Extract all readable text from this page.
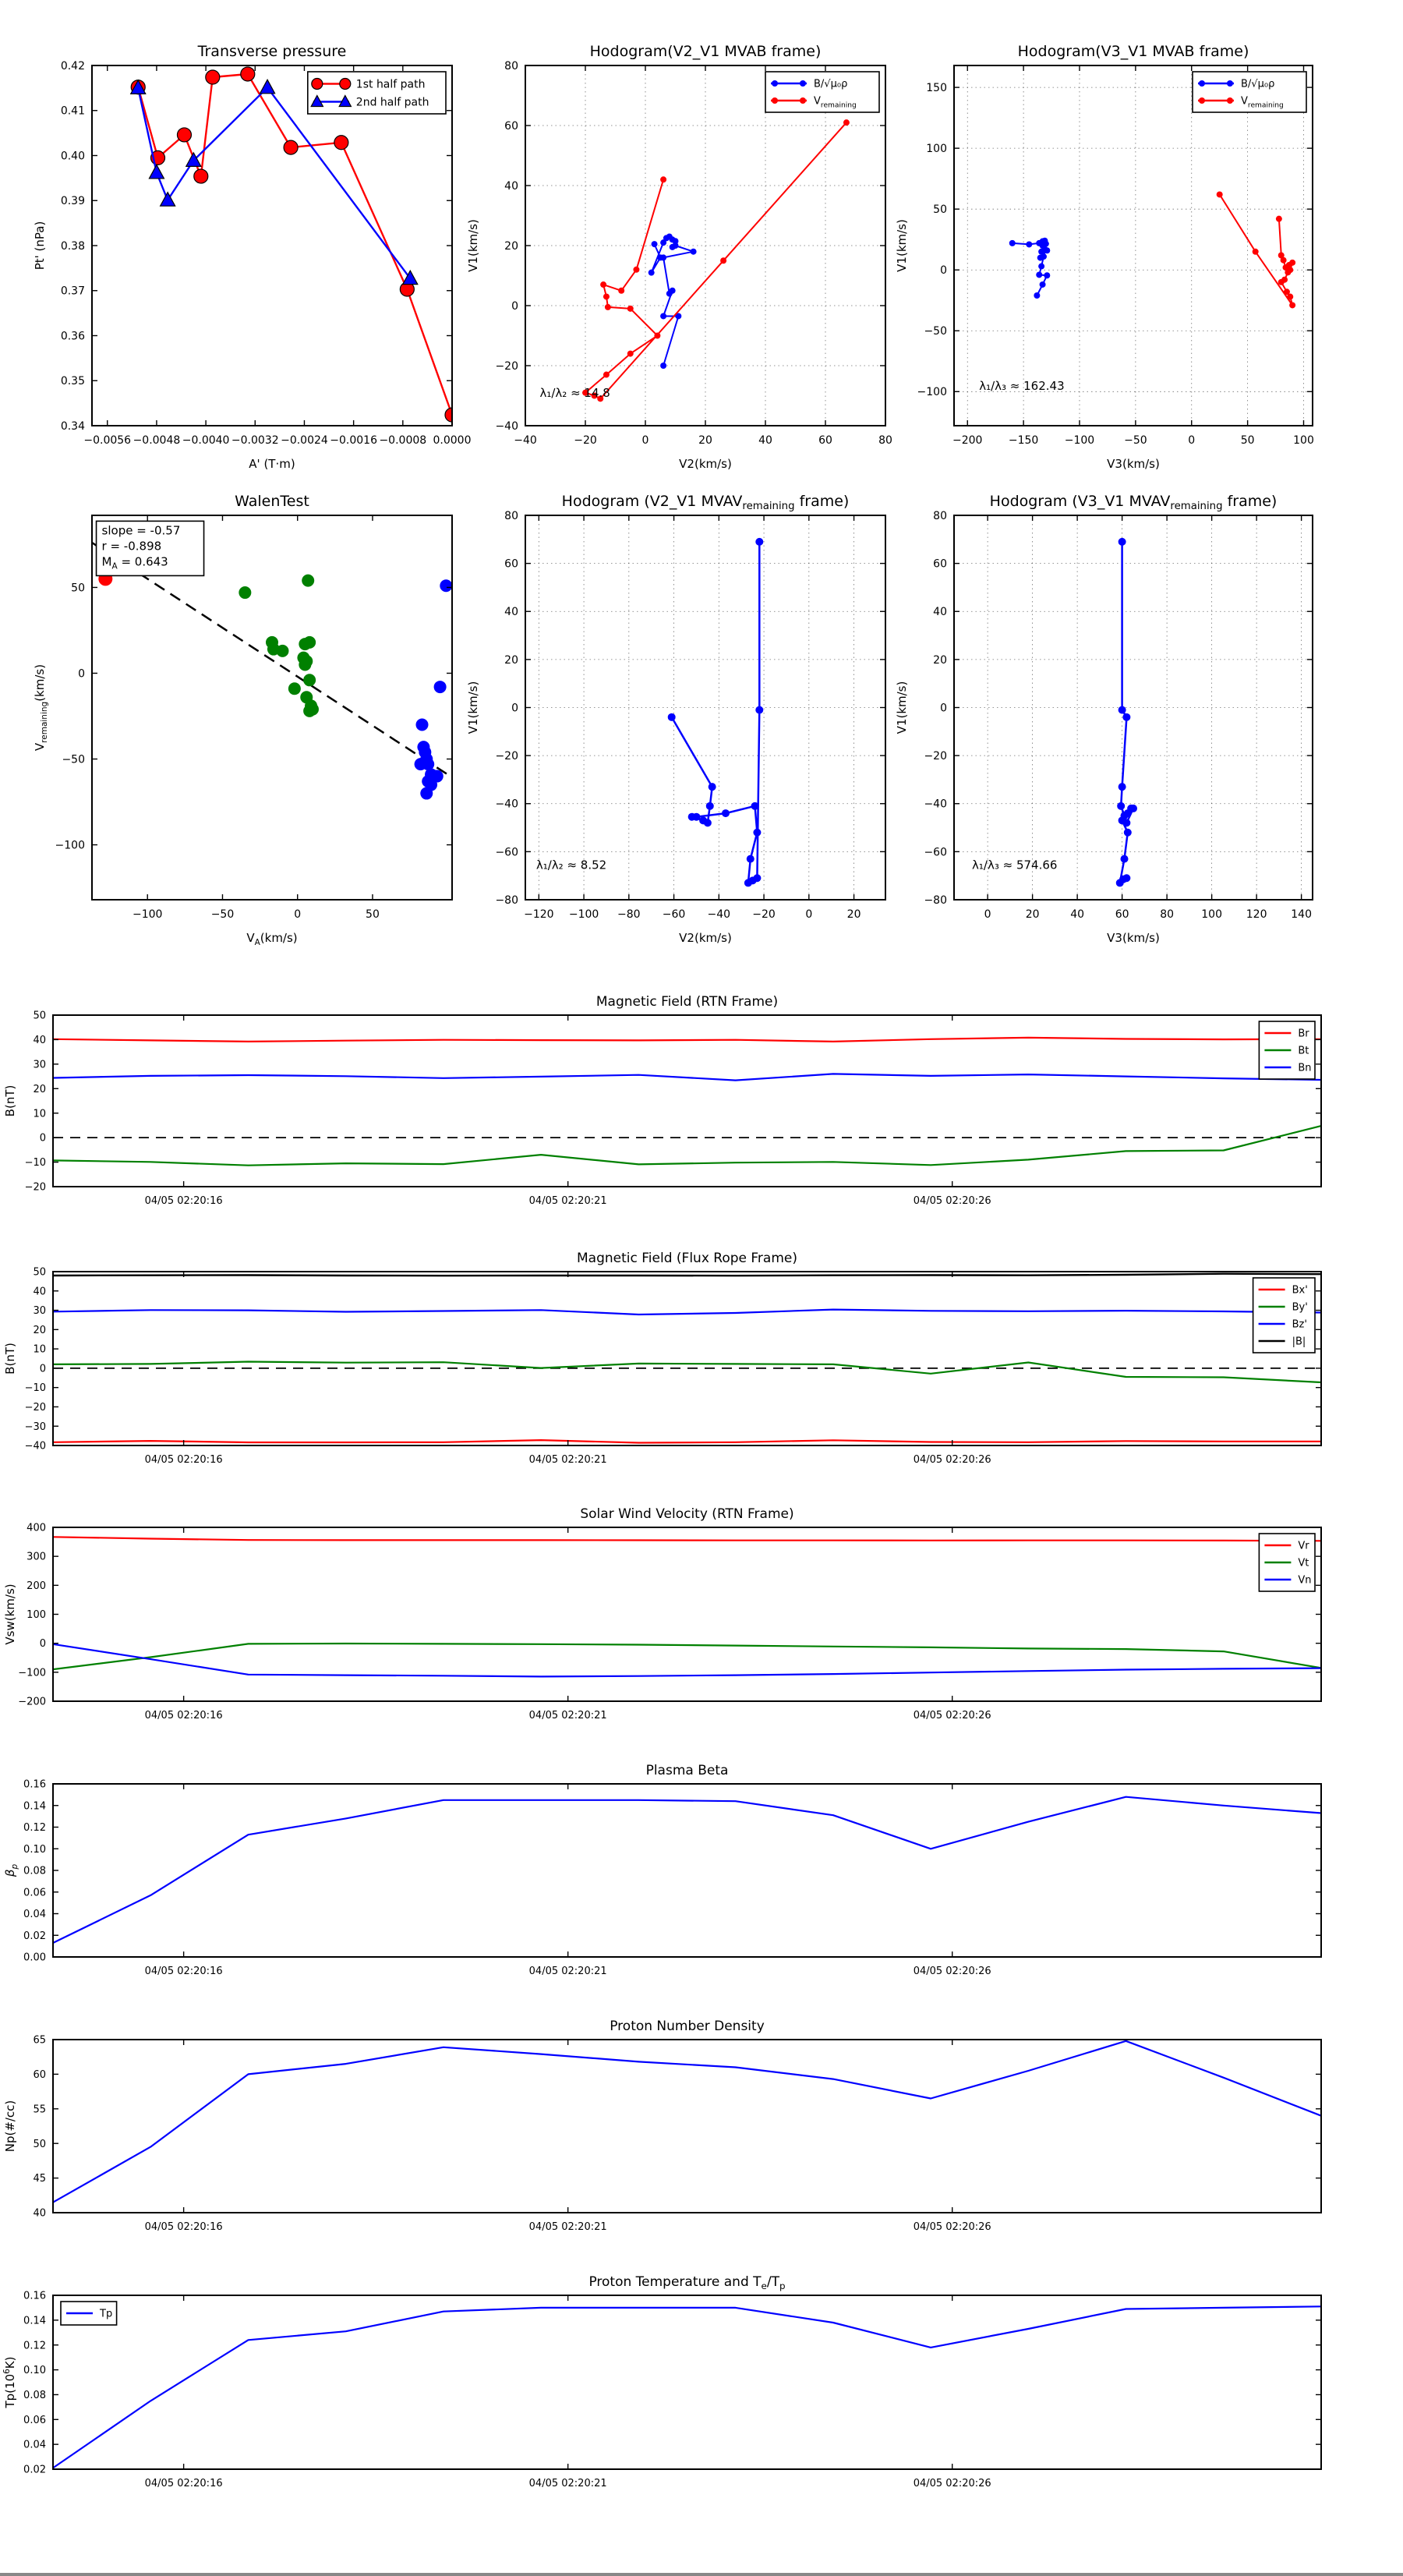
−0.0056 −0.0048 −0.0040 −0.0032 −0.0024 −0.0016 −0.0008 0.0000
0.34
0.35
0.36
0.37
0.38
0.39
0.40
0.41
0.42
Transverse pressure
A' (T·m)
Pt' (nPa)
1st half path
2nd half path
−40	−20	0	20	40	60	80
−40
−20
0
20
40
60
80
Hodogram(V2_V1 MVAB frame)
V2(km/s)
V1(km/s)
λ₁/λ₂ ≈ 14.8
B/√μ₀ρ
$V_{remaining}$
−200 −150 −100	−50	0	50	100
−100
−50
0
50
100
150
Hodogram(V3_V1 MVAB frame)
V3(km/s)
V1(km/s)
λ₁/λ₃ ≈ 162.43
B/√μ₀ρ
$V_{remaining}$
−100	−50	0	50
−100
−50
0
50
WalenTest
$V_A(km/s)$
$V_{remaining}(km/s)$
slope = -0.57
r = -0.898
$M_A = 0.643$
−120 −100 −80 −60 −40 −20	0	20
−80
−60
−40
−20
0
20
40
60
80
Hodogram (V2_V1 $MVAV_{remaining}$ frame)
V2(km/s)
V1(km/s)
λ₁/λ₂ ≈ 8.52
0	20	40	60	80	100 120 140
−80
−60
−40
−20
0
20
40
60
80
Hodogram (V3_V1 $MVAV_{remaining}$ frame)
V3(km/s)
V1(km/s)
λ₁/λ₃ ≈ 574.66
04/05 02:20:16	04/05 02:20:21	04/05 02:20:26
−20
−10
0
10
20
30
40
50
Magnetic Field (RTN Frame)
B(nT)
Br
Bt
Bn
04/05 02:20:16	04/05 02:20:21	04/05 02:20:26
−40
−30
−20
−10
0
10
20
30
40
50
Magnetic Field (Flux Rope Frame)
B(nT)
Bx'
By'
Bz'
|B|
04/05 02:20:16	04/05 02:20:21	04/05 02:20:26
−200
−100
0
100
200
300
400
Solar Wind Velocity (RTN Frame)
Vsw(km/s)
Vr
Vt
Vn
04/05 02:20:16	04/05 02:20:21	04/05 02:20:26
0.00
0.02
0.04
0.06
0.08
0.10
0.12
0.14
0.16
Plasma Beta
$\beta_p$
04/05 02:20:16	04/05 02:20:21	04/05 02:20:26
40
45
50
55
60
65
Proton Number Density
Np(#/cc)
04/05 02:20:16	04/05 02:20:21	04/05 02:20:26
0.02
0.04
0.06
0.08
0.10
0.12
0.14
0.16
Proton Temperature and $T_e/T_p$
$Tp(10^6K)$
Tp
